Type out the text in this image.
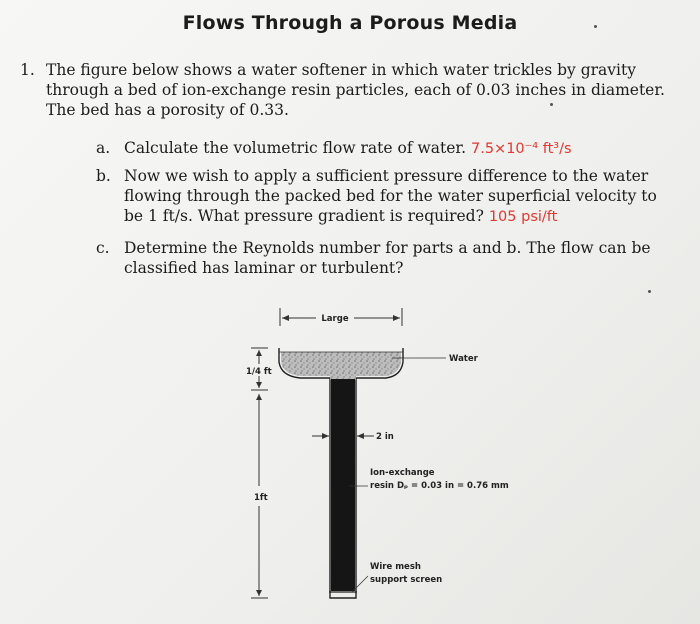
Flows Through a Porous Media
1. The figure below shows a water softener in which water trickles by gravity through a bed of ion-exchange resin particles, each of 0.03 inches in diameter. The bed has a porosity of 0.33.
a. Calculate the volumetric flow rate of water. 7.5×10⁻⁴ ft³/s
b. Now we wish to apply a sufficient pressure difference to the water flowing through the packed bed for the water superficial velocity to be 1 ft/s. What pressure gradient is required? 105 psi/ft
c. Determine the Reynolds number for parts a and b. The flow can be classified has laminar or turbulent?
Large
Water
1/4 ft
1ft
2 in
Ion-exchange
resin Dₚ = 0.03 in = 0.76 mm
Wire mesh
support screen
